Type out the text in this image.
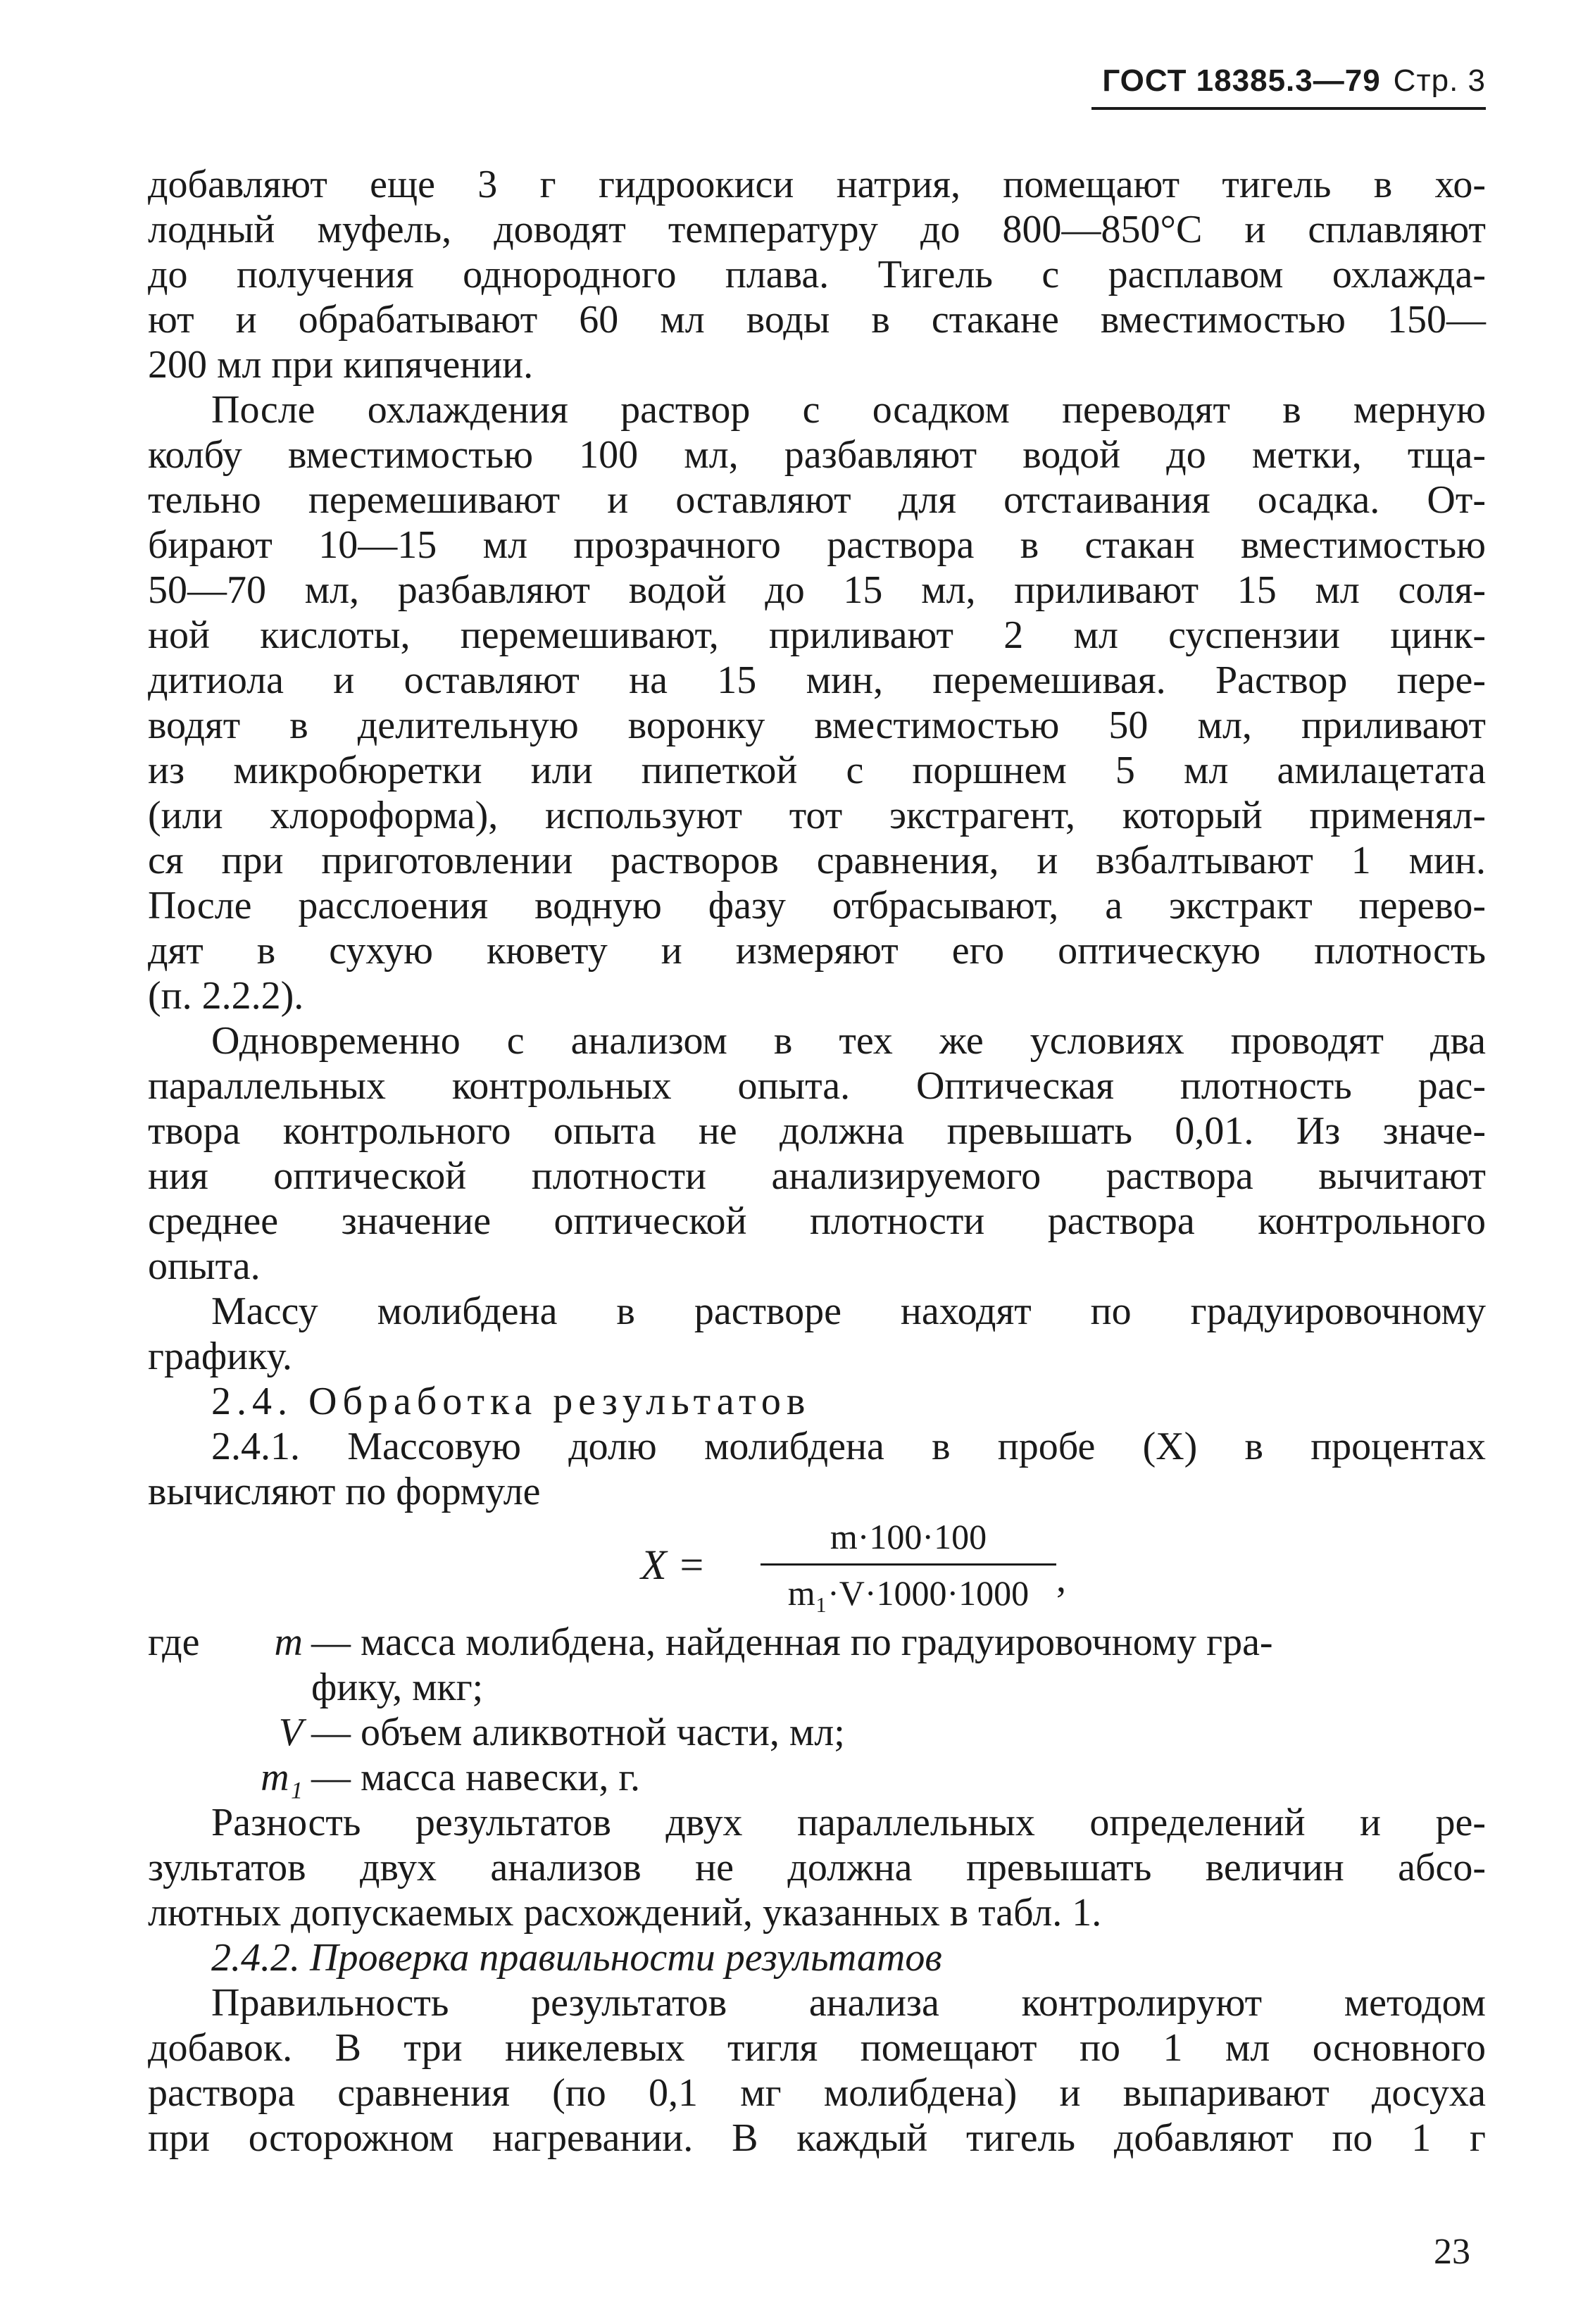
ГОСТ 18385.3—79 Стр. 3
добавляют еще 3 г гидроокиси натрия, помещают тигель в хо-
лодный муфель, доводят температуру до 800—850°С и сплавляют
до получения однородного плава. Тигель с расплавом охлажда-
ют и обрабатывают 60 мл воды в стакане вместимостью 150—
200 мл при кипячении.
После охлаждения раствор с осадком переводят в мерную
колбу вместимостью 100 мл, разбавляют водой до метки, тща-
тельно перемешивают и оставляют для отстаивания осадка. От-
бирают 10—15 мл прозрачного раствора в стакан вместимостью
50—70 мл, разбавляют водой до 15 мл, приливают 15 мл соля-
ной кислоты, перемешивают, приливают 2 мл суспензии цинк-
дитиола и оставляют на 15 мин, перемешивая. Раствор пере-
водят в делительную воронку вместимостью 50 мл, приливают
из микробюретки или пипеткой с поршнем 5 мл амилацетата
(или хлороформа), используют тот экстрагент, который применял-
ся при приготовлении растворов сравнения, и взбалтывают 1 мин.
После расслоения водную фазу отбрасывают, а экстракт перево-
дят в сухую кювету и измеряют его оптическую плотность
(п. 2.2.2).
Одновременно с анализом в тех же условиях проводят два
параллельных контрольных опыта. Оптическая плотность рас-
твора контрольного опыта не должна превышать 0,01. Из значе-
ния оптической плотности анализируемого раствора вычитают
среднее значение оптической плотности раствора контрольного
опыта.
Массу молибдена в растворе находят по градуировочному
графику.
2.4. Обработка результатов
2.4.1. Массовую долю молибдена в пробе (X) в процентах
вычисляют по формуле
X =
m·100·100
m₁·V·1000·1000 ,
где m — масса молибдена, найденная по градуировочному гра-
фику, мкг;
V — объем аликвотной части, мл;
m₁ — масса навески, г.
Разность результатов двух параллельных определений и ре-
зультатов двух анализов не должна превышать величин абсо-
лютных допускаемых расхождений, указанных в табл. 1.
2.4.2. Проверка правильности результатов
Правильность результатов анализа контролируют методом
добавок. В три никелевых тигля помещают по 1 мл основного
раствора сравнения (по 0,1 мг молибдена) и выпаривают досуха
при осторожном нагревании. В каждый тигель добавляют по 1 г
23
